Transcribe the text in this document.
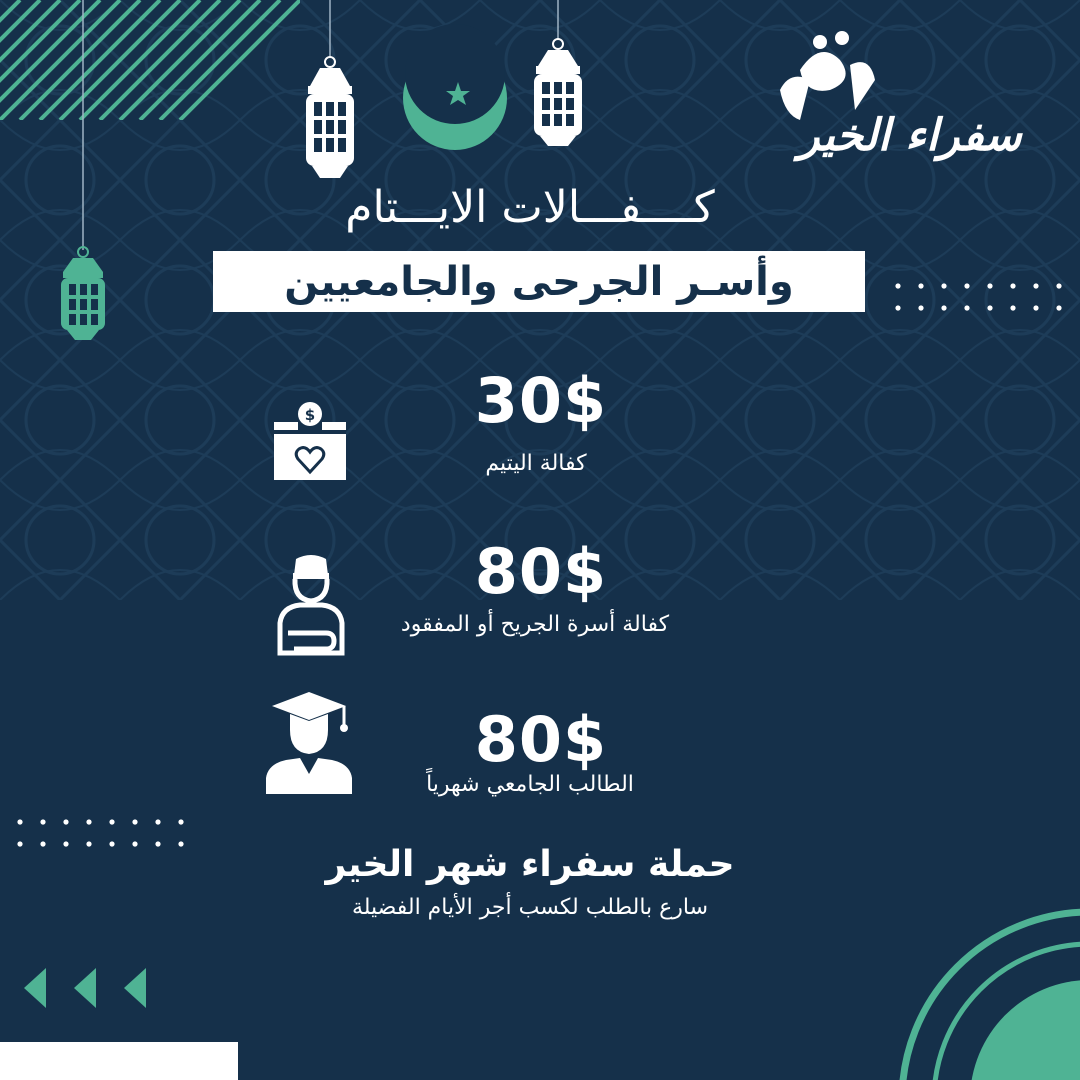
سفراء الخير
كــــفـــالات الايـــتام
وأسـر الجرحى والجامعيين
$	30$
كفالة اليتيم
80$
كفالة أسرة الجريح أو المفقود
80$
الطالب الجامعي شهرياً
حملة سفراء شهر الخير
سارع بالطلب لكسب أجر الأيام الفضيلة
